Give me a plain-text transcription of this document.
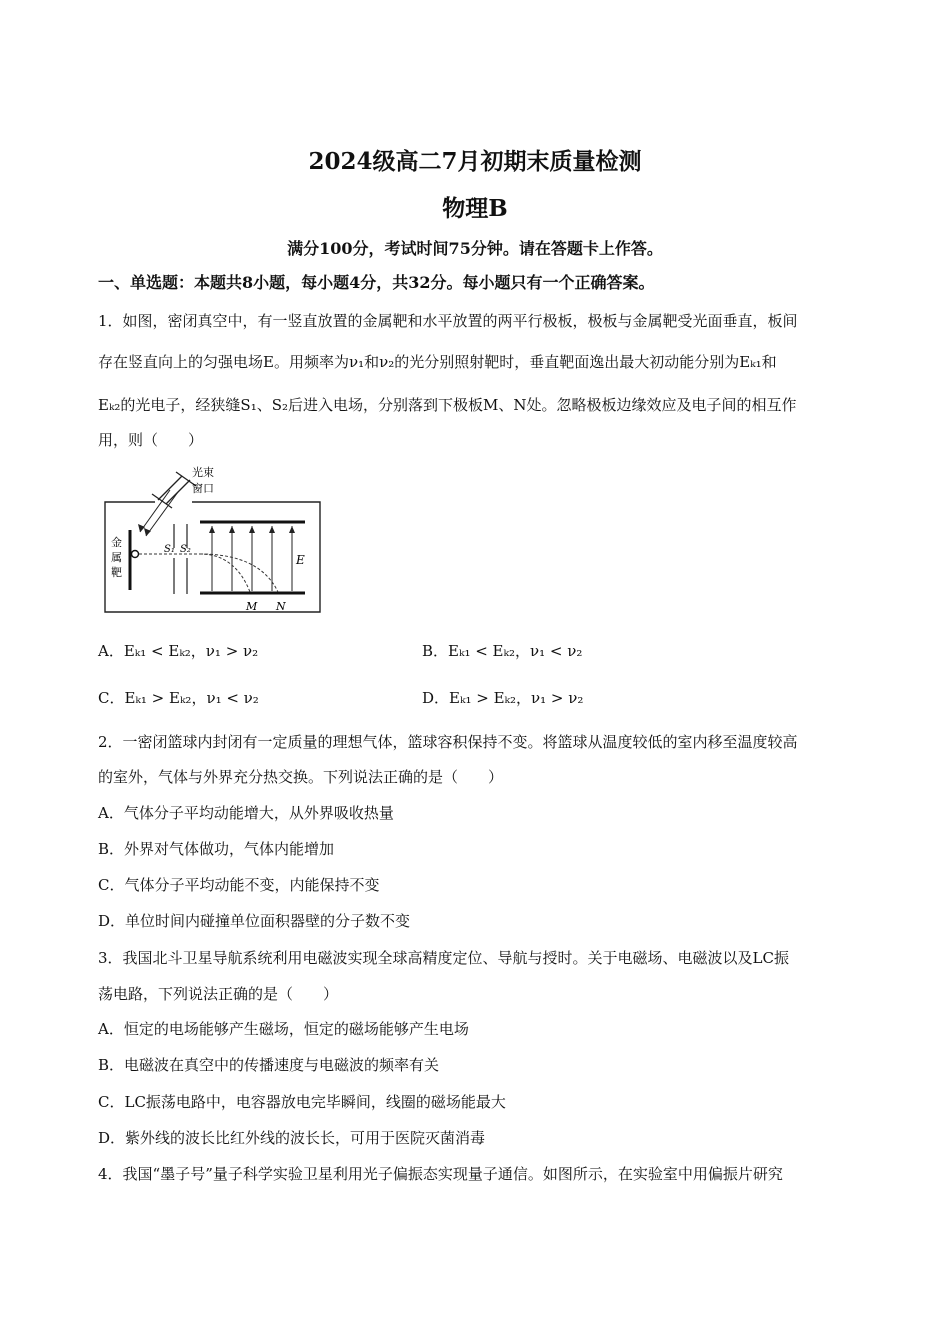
2024级高二7月初期末质量检测
物理B
满分100分，考试时间75分钟。请在答题卡上作答。
一、单选题：本题共8小题，每小题4分，共32分。每小题只有一个正确答案。
1．如图，密闭真空中，有一竖直放置的金属靶和水平放置的两平行极板，极板与金属靶受光面垂直，板间
存在竖直向上的匀强电场E。用频率为ν₁和ν₂的光分别照射靶时，垂直靶面逸出最大初动能分别为Eₖ₁和
Eₖ₂的光电子，经狭缝S₁、S₂后进入电场，分别落到下极板M、N处。忽略极板边缘效应及电子间的相互作
用，则（　　）
光束
窗口
金
属
靶
S₁ S₂
E
M N
A．Eₖ₁ < Eₖ₂，ν₁ > ν₂	B．Eₖ₁ < Eₖ₂，ν₁ < ν₂
C．Eₖ₁ > Eₖ₂，ν₁ < ν₂	D．Eₖ₁ > Eₖ₂，ν₁ > ν₂
2．一密闭篮球内封闭有一定质量的理想气体，篮球容积保持不变。将篮球从温度较低的室内移至温度较高
的室外，气体与外界充分热交换。下列说法正确的是（　　）
A．气体分子平均动能增大，从外界吸收热量
B．外界对气体做功，气体内能增加
C．气体分子平均动能不变，内能保持不变
D．单位时间内碰撞单位面积器壁的分子数不变
3．我国北斗卫星导航系统利用电磁波实现全球高精度定位、导航与授时。关于电磁场、电磁波以及LC振
荡电路，下列说法正确的是（　　）
A．恒定的电场能够产生磁场，恒定的磁场能够产生电场
B．电磁波在真空中的传播速度与电磁波的频率有关
C．LC振荡电路中，电容器放电完毕瞬间，线圈的磁场能最大
D．紫外线的波长比红外线的波长长，可用于医院灭菌消毒
4．我国“墨子号”量子科学实验卫星利用光子偏振态实现量子通信。如图所示，在实验室中用偏振片研究
